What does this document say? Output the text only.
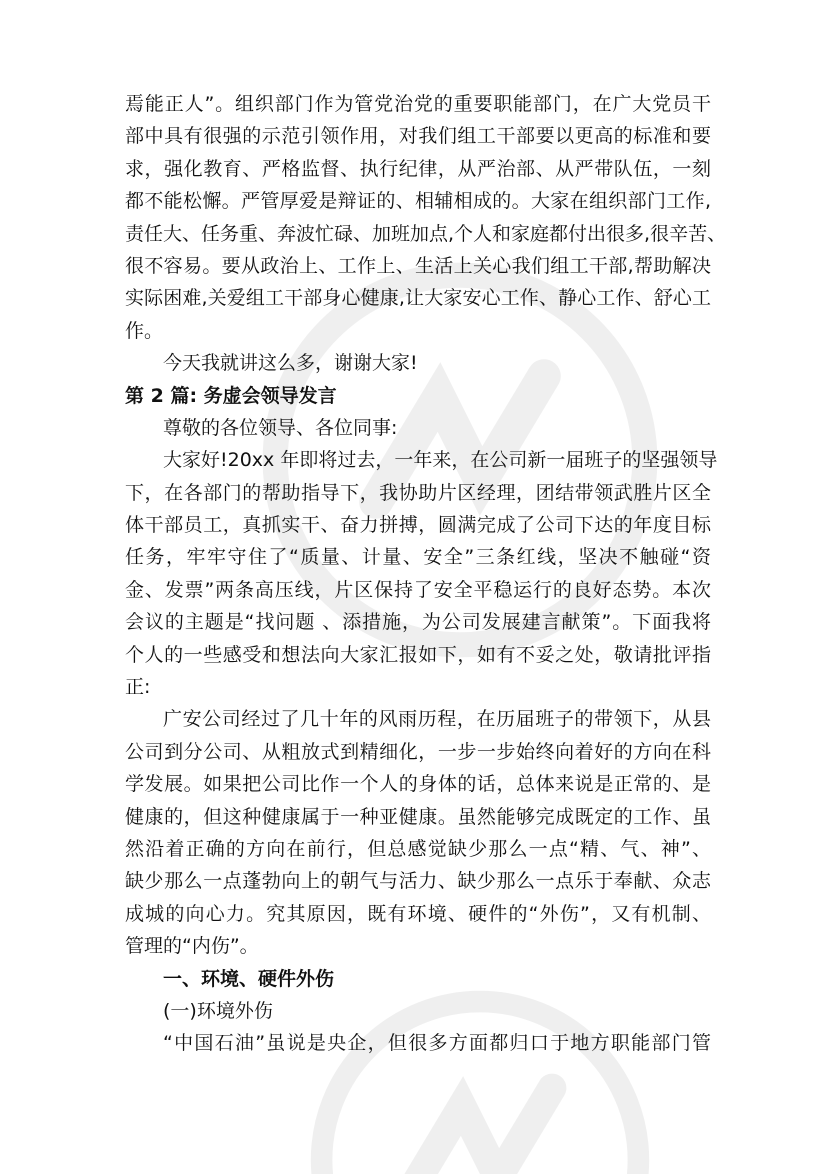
焉能正人”。组织部门作为管党治党的重要职能部门，在广大党员干
部中具有很强的示范引领作用，对我们组工干部要以更高的标准和要
求，强化教育、严格监督、执行纪律，从严治部、从严带队伍，一刻
都不能松懈。严管厚爱是辩证的、相辅相成的。大家在组织部门工作,
责任大、任务重、奔波忙碌、加班加点,个人和家庭都付出很多,很辛苦、
很不容易。要从政治上、工作上、生活上关心我们组工干部,帮助解决
实际困难,关爱组工干部身心健康,让大家安心工作、静心工作、舒心工
作。
今天我就讲这么多，谢谢大家!
第 2 篇: 务虚会领导发言
尊敬的各位领导、各位同事:
大家好!20xx 年即将过去，一年来，在公司新一届班子的坚强领导
下，在各部门的帮助指导下，我协助片区经理，团结带领武胜片区全
体干部员工，真抓实干、奋力拼搏，圆满完成了公司下达的年度目标
任务，牢牢守住了“质量、计量、安全”三条红线，坚决不触碰“资
金、发票”两条高压线，片区保持了安全平稳运行的良好态势。本次
会议的主题是“找问题 、添措施，为公司发展建言献策”。下面我将
个人的一些感受和想法向大家汇报如下，如有不妥之处，敬请批评指
正:
广安公司经过了几十年的风雨历程，在历届班子的带领下，从县
公司到分公司、从粗放式到精细化，一步一步始终向着好的方向在科
学发展。如果把公司比作一个人的身体的话，总体来说是正常的、是
健康的，但这种健康属于一种亚健康。虽然能够完成既定的工作、虽
然沿着正确的方向在前行，但总感觉缺少那么一点“精、气、神”、
缺少那么一点蓬勃向上的朝气与活力、缺少那么一点乐于奉献、众志
成城的向心力。究其原因，既有环境、硬件的“外伤”，又有机制、
管理的“内伤”。
一、环境、硬件外伤
(一)环境外伤
“中国石油”虽说是央企，但很多方面都归口于地方职能部门管
